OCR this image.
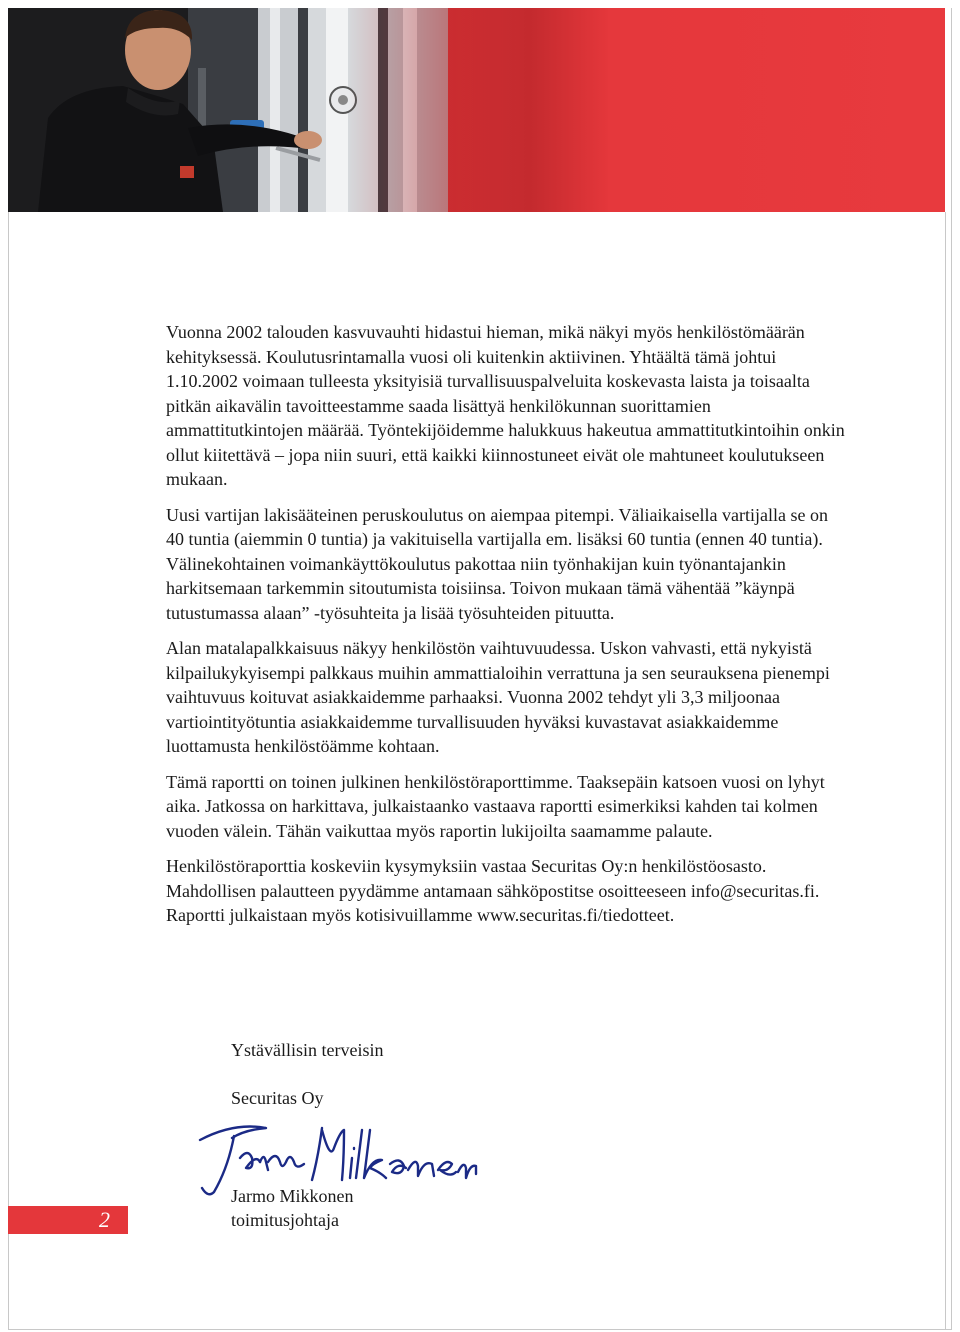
Vuonna 2002 talouden kasvuvauhti hidastui hieman, mikä näkyi myös henkilöstömäärän kehityksessä. Koulutusrintamalla vuosi oli kuitenkin aktiivinen. Yhtäältä tämä johtui 1.10.2002 voimaan tulleesta yksityisiä turvallisuuspalveluita koskevasta laista ja toisaalta pitkän aikavälin tavoitteestamme saada lisättyä henkilökunnan suorittamien ammattitutkintojen määrää. Työntekijöidemme halukkuus hakeutua ammattitutkintoihin onkin ollut kiitettävä – jopa niin suuri, että kaikki kiinnostuneet eivät ole mahtuneet koulutukseen mukaan.

Uusi vartijan lakisääteinen peruskoulutus on aiempaa pitempi. Väliaikaisella vartijalla se on 40 tuntia (aiemmin 0 tuntia) ja vakituisella vartijalla em. lisäksi 60 tuntia (ennen 40 tuntia). Välinekohtainen voimankäyttökoulutus pakottaa niin työnhakijan kuin työnantajankin harkitsemaan tarkemmin sitoutumista toisiinsa. Toivon mukaan tämä vähentää ”käynpä tutustumassa alaan” -työsuhteita ja lisää työsuhteiden pituutta.

Alan matalapalkkaisuus näkyy henkilöstön vaihtuvuudessa. Uskon vahvasti, että nykyistä kilpailukykyisempi palkkaus muihin ammattialoihin verrattuna ja sen seurauksena pienempi vaihtuvuus koituvat asiakkaidemme parhaaksi. Vuonna 2002 tehdyt yli 3,3 miljoonaa vartiointityötuntia asiakkaidemme turvallisuuden hyväksi kuvastavat asiakkaidemme luottamusta henkilöstöämme kohtaan.

Tämä raportti on toinen julkinen henkilöstöraporttimme. Taaksepäin katsoen vuosi on lyhyt aika. Jatkossa on harkittava, julkaistaanko vastaava raportti esimerkiksi kahden tai kolmen vuoden välein. Tähän vaikuttaa myös raportin lukijoilta saamamme palaute.

Henkilöstöraporttia koskeviin kysymyksiin vastaa Securitas Oy:n henkilöstöosasto. Mahdollisen palautteen pyydämme antamaan sähköpostitse osoitteeseen info@securitas.fi. Raportti julkaistaan myös kotisivuillamme www.securitas.fi/tiedotteet.

Ystävällisin terveisin
Securitas Oy
Jarmo Mikkonen
toimitusjohtaja
2
